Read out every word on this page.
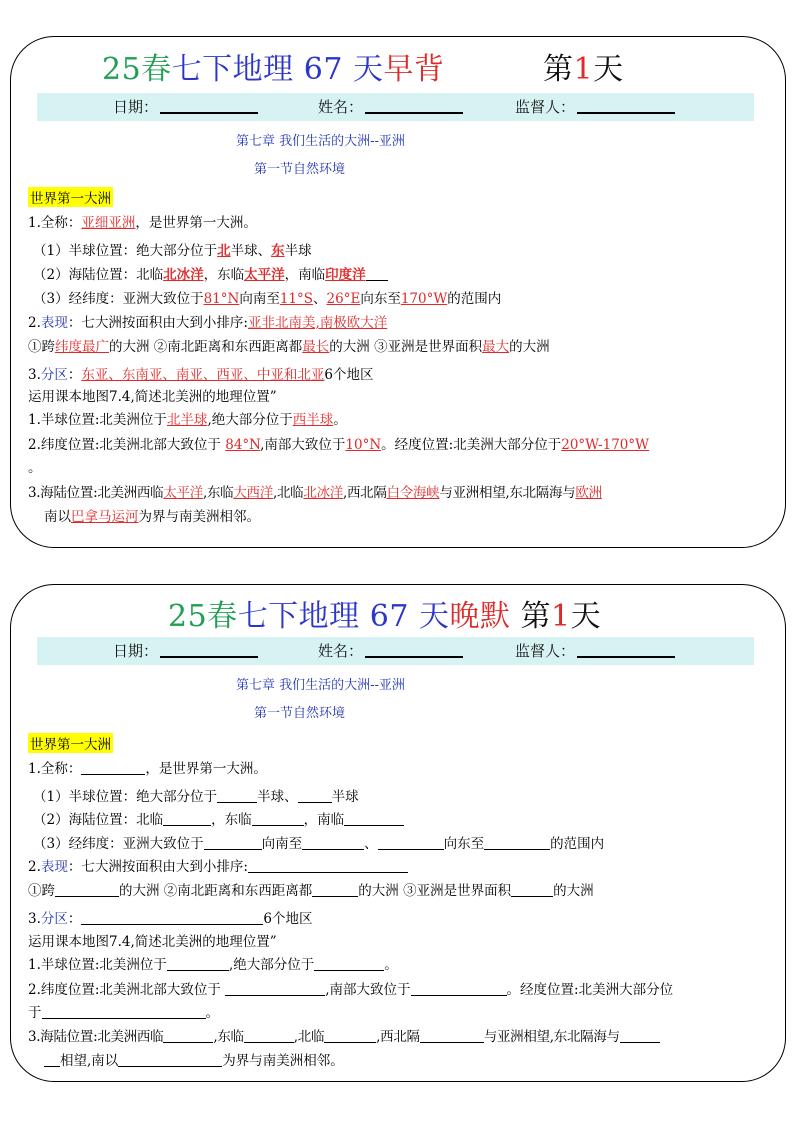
25春七下地理 67 天早背	第1天
日期：	姓名：	监督人：
第七章 我们生活的大洲--亚洲
第一节自然环境
世界第一大洲
1.全称：亚细亚洲，是世界第一大洲。
（1）半球位置：绝大部分位于北半球、东半球
（2）海陆位置：北临北冰洋，东临太平洋，南临印度洋
（3）经纬度：亚洲大致位于81°N向南至11°S、26°E向东至170°W的范围内
2.表现：七大洲按面积由大到小排序:亚非北南美,南极欧大洋
①跨纬度最广的大洲 ②南北距离和东西距离都最长的大洲 ③亚洲是世界面积最大的大洲
3.分区：东亚、东南亚、南亚、西亚、中亚和北亚6个地区
运用课本地图7.4,简述北美洲的地理位置”
1.半球位置:北美洲位于北半球,绝大部分位于西半球。
2.纬度位置:北美洲北部大致位于 84°N,南部大致位于10°N。经度位置:北美洲大部分位于20°W-170°W
。
3.海陆位置:北美洲西临太平洋,东临大西洋,北临北冰洋,西北隔白令海峡与亚洲相望,东北隔海与欧洲
南以巴拿马运河为界与南美洲相邻。
25春七下地理 67 天晚默 第1天
日期：	姓名：	监督人：
第七章 我们生活的大洲--亚洲
第一节自然环境
世界第一大洲
1.全称：	，是世界第一大洲。
（1）半球位置：绝大部分位于	半球、	半球
（2）海陆位置：北临	，东临	，南临
（3）经纬度：亚洲大致位于	向南至	、	向东至	的范围内
2.表现：七大洲按面积由大到小排序:
①跨	的大洲 ②南北距离和东西距离都	的大洲 ③亚洲是世界面积	的大洲
3.分区：	6个地区
运用课本地图7.4,简述北美洲的地理位置”
1.半球位置:北美洲位于	,绝大部分位于	。
2.纬度位置:北美洲北部大致位于	,南部大致位于	。经度位置:北美洲大部分位
于	。
3.海陆位置:北美洲西临	,东临	,北临	,西北隔	与亚洲相望,东北隔海与
相望,南以	为界与南美洲相邻。
